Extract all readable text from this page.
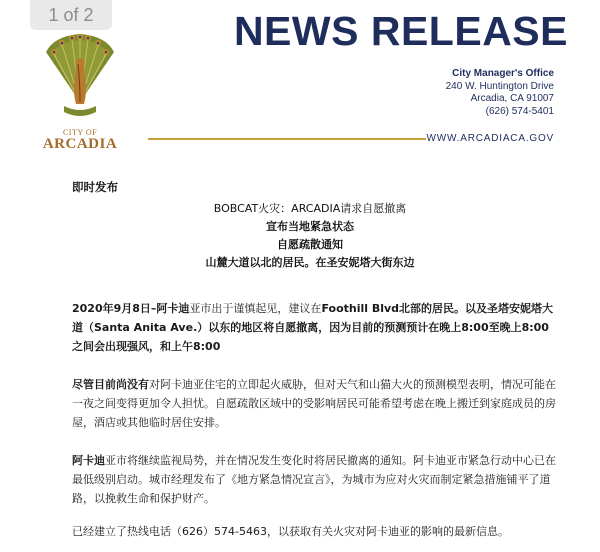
1 of 2
CITY OF
ARCADIA
NEWS RELEASE
City Manager's Office
240 W. Huntington Drive
Arcadia, CA 91007
(626) 574-5401
WWW.ARCADIACA.GOV
即时发布
BOBCAT火灾：ARCADIA请求自愿撤离
宣布当地紧急状态
自愿疏散通知
山麓大道以北的居民。在圣安妮塔大街东边
2020年9月8日–阿卡迪亚市出于谨慎起见，建议在Foothill Blvd北部的居民。以及圣塔安妮塔大道（Santa Anita Ave.）以东的地区将自愿撤离，因为目前的预测预计在晚上8:00至晚上8:00之间会出现强风，和上午8:00
尽管目前尚没有对阿卡迪亚住宅的立即起火威胁，但对天气和山猫大火的预测模型表明，情况可能在一夜之间变得更加令人担忧。自愿疏散区域中的受影响居民可能希望考虑在晚上搬迁到家庭成员的房屋，酒店或其他临时居住安排。
阿卡迪亚市将继续监视局势，并在情况发生变化时将居民撤离的通知。阿卡迪亚市紧急行动中心已在最低级别启动。城市经理发布了《地方紧急情况宣言》，为城市为应对火灾而制定紧急措施铺平了道路，以挽救生命和保护财产。
已经建立了热线电话（626）574-5463，以获取有关火灾对阿卡迪亚的影响的最新信息。
